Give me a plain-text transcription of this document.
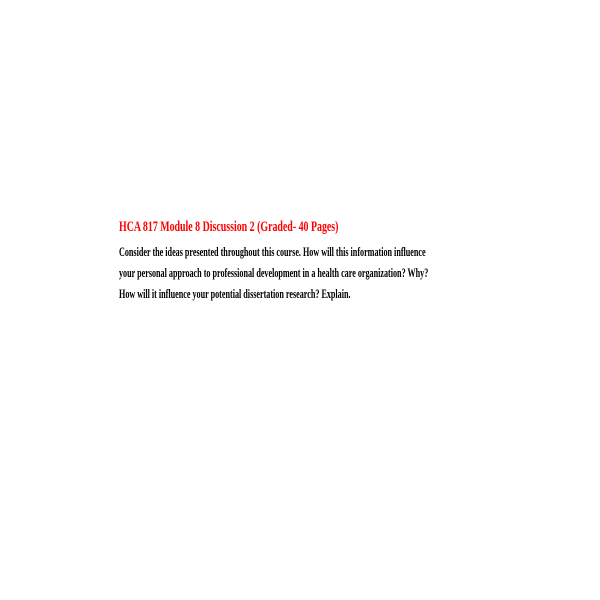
HCA 817 Module 8 Discussion 2 (Graded- 40 Pages)

Consider the ideas presented throughout this course. How will this information influence

your personal approach to professional development in a health care organization? Why?

How will it influence your potential dissertation research? Explain.
